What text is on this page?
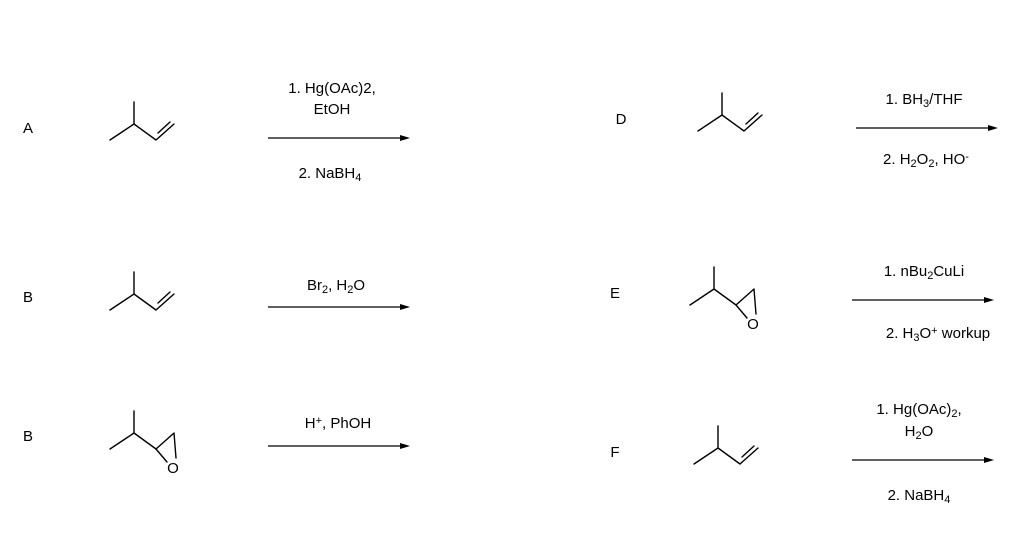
A
1. Hg(OAc)2,
EtOH
2. NaBH4
B
Br2, H2O
B
O
H+, PhOH
D
1. BH3/THF
2. H2O2, HO-
E
O
1. nBu2CuLi
2. H3O+ workup
F
1. Hg(OAc)2,
H2O
2. NaBH4
